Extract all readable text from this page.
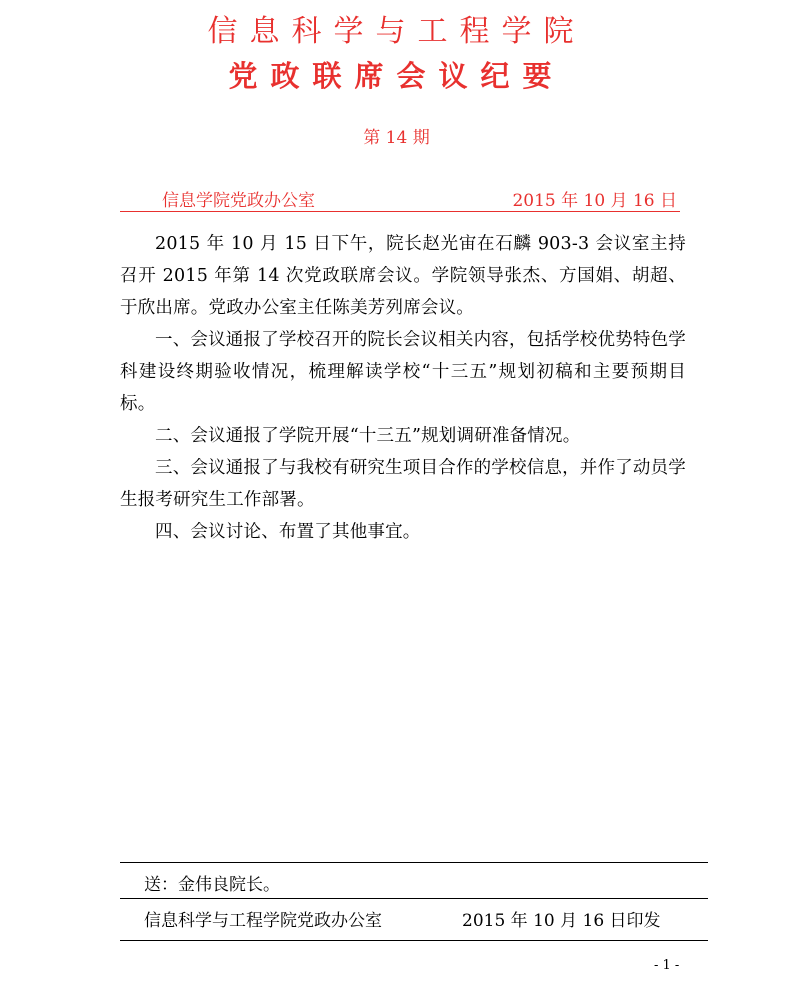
信息科学与工程学院
党政联席会议纪要
第 14 期
信息学院党政办公室	2015 年 10 月 16 日

2015 年 10 月 15 日下午，院长赵光宙在石麟 903-3 会议室主持召开 2015 年第 14 次党政联席会议。学院领导张杰、方国娟、胡超、于欣出席。党政办公室主任陈美芳列席会议。

一、会议通报了学校召开的院长会议相关内容，包括学校优势特色学科建设终期验收情况，梳理解读学校“十三五”规划初稿和主要预期目标。

二、会议通报了学院开展“十三五”规划调研准备情况。

三、会议通报了与我校有研究生项目合作的学校信息，并作了动员学生报考研究生工作部署。

四、会议讨论、布置了其他事宜。

送：金伟良院长。
信息科学与工程学院党政办公室	2015 年 10 月 16 日印发
- 1 -
